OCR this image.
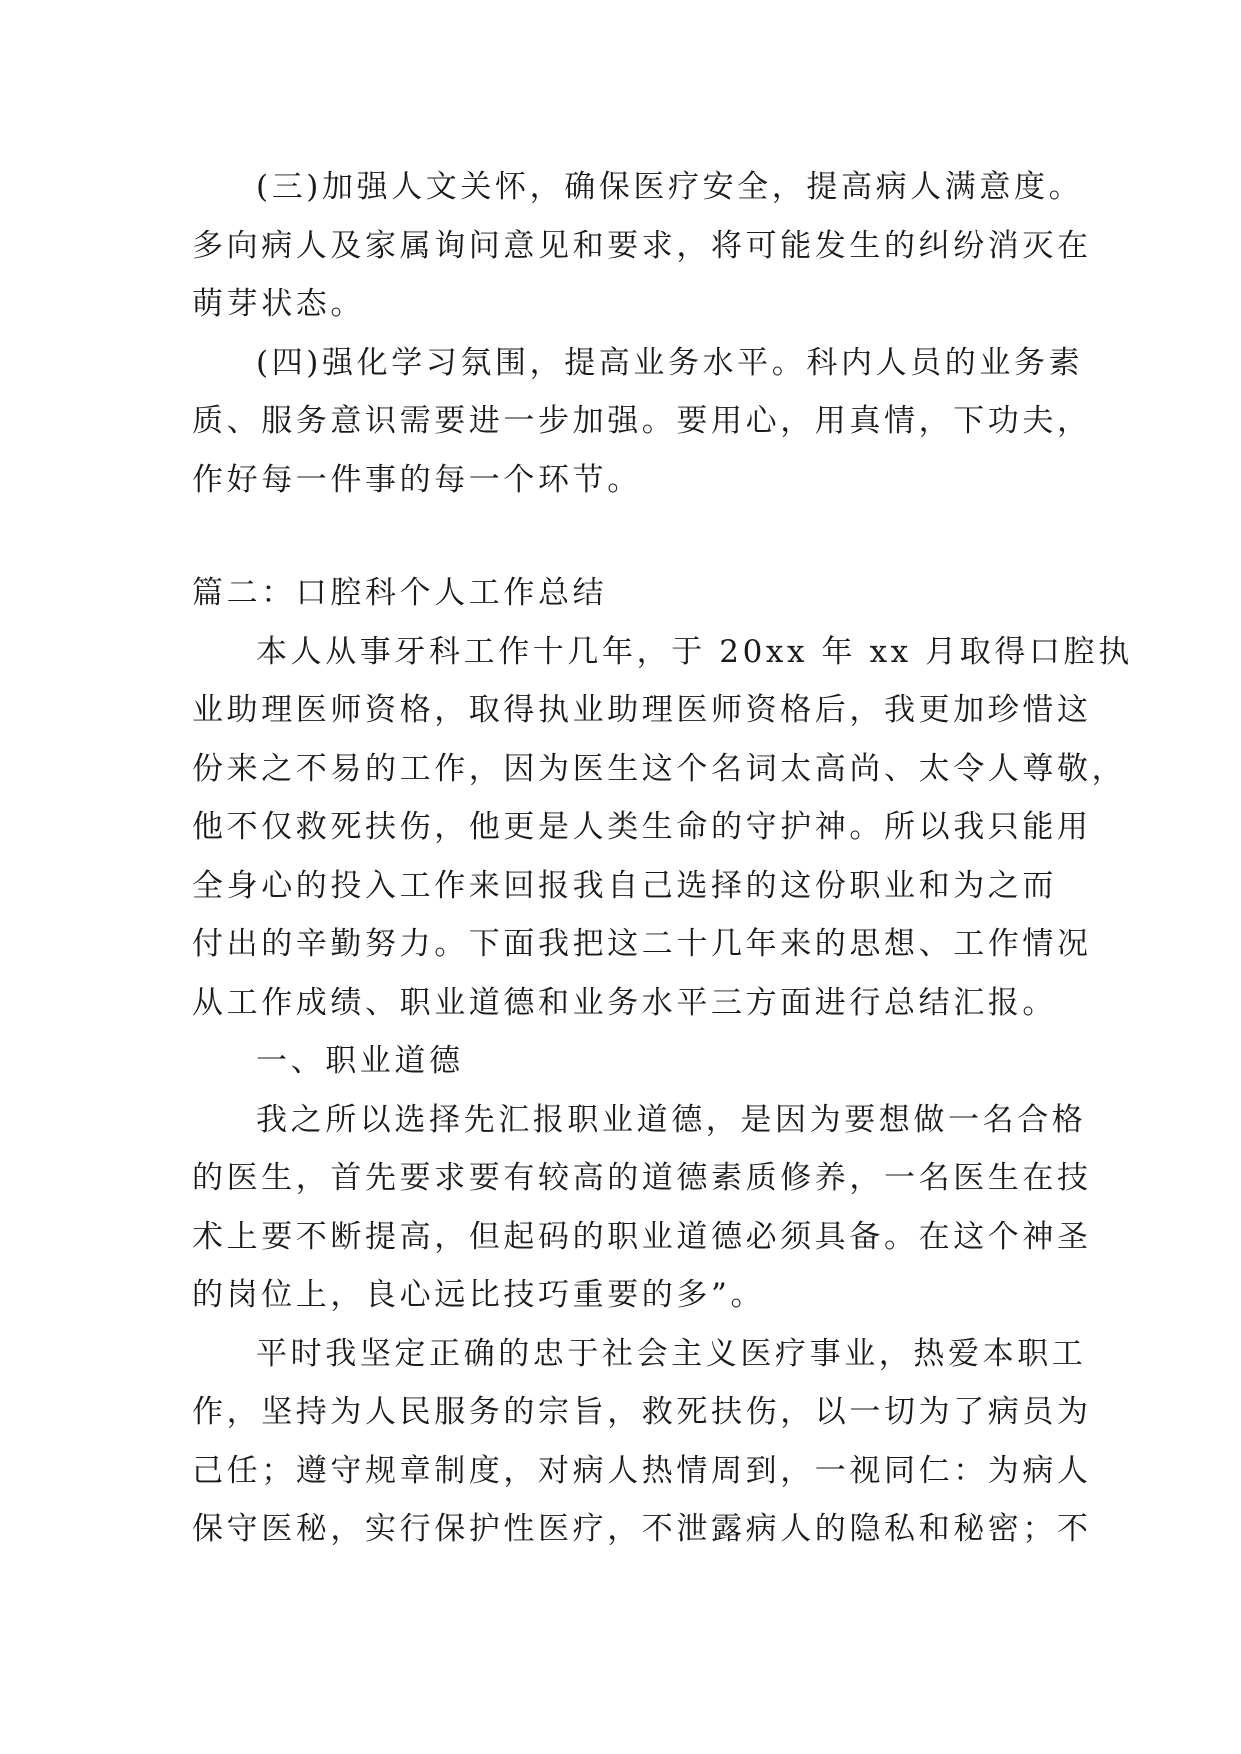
(三)加强人文关怀，确保医疗安全，提高病人满意度。
多向病人及家属询问意见和要求，将可能发生的纠纷消灭在
萌芽状态。
(四)强化学习氛围，提高业务水平。科内人员的业务素
质、服务意识需要进一步加强。要用心，用真情，下功夫，
作好每一件事的每一个环节。
篇二：口腔科个人工作总结
本人从事牙科工作十几年，于 20xx 年 xx 月取得口腔执
业助理医师资格，取得执业助理医师资格后，我更加珍惜这
份来之不易的工作，因为医生这个名词太高尚、太令人尊敬，
他不仅救死扶伤，他更是人类生命的守护神。所以我只能用
全身心的投入工作来回报我自己选择的这份职业和为之而
付出的辛勤努力。下面我把这二十几年来的思想、工作情况
从工作成绩、职业道德和业务水平三方面进行总结汇报。
一、职业道德
我之所以选择先汇报职业道德，是因为要想做一名合格
的医生，首先要求要有较高的道德素质修养，一名医生在技
术上要不断提高，但起码的职业道德必须具备。在这个神圣
的岗位上，良心远比技巧重要的多”。
平时我坚定正确的忠于社会主义医疗事业，热爱本职工
作，坚持为人民服务的宗旨，救死扶伤，以一切为了病员为
己任；遵守规章制度，对病人热情周到，一视同仁：为病人
保守医秘，实行保护性医疗，不泄露病人的隐私和秘密；不
